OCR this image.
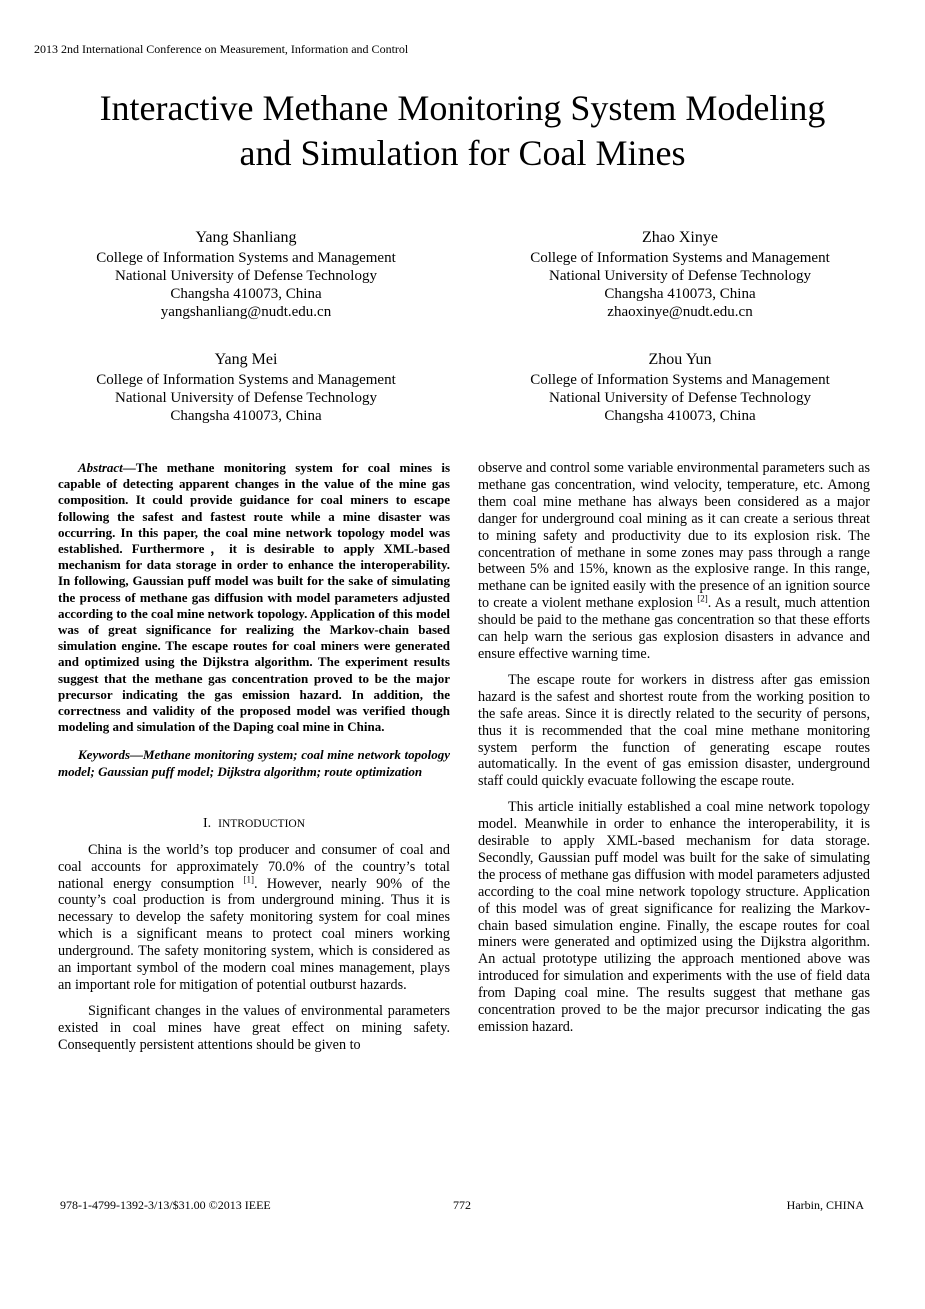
2013 2nd International Conference on Measurement, Information and Control
Interactive Methane Monitoring System Modeling
and Simulation for Coal Mines
Yang Shanliang
College of Information Systems and Management
National University of Defense Technology
Changsha 410073, China
yangshanliang@nudt.edu.cn
Zhao Xinye
College of Information Systems and Management
National University of Defense Technology
Changsha 410073, China
zhaoxinye@nudt.edu.cn
Yang Mei
College of Information Systems and Management
National University of Defense Technology
Changsha 410073, China
Zhou Yun
College of Information Systems and Management
National University of Defense Technology
Changsha 410073, China

Abstract—The methane monitoring system for coal mines is capable of detecting apparent changes in the value of the mine gas composition. It could provide guidance for coal miners to escape following the safest and fastest route while a mine disaster was occurring. In this paper, the coal mine network topology model was established. Furthermore，it is desirable to apply XML-based mechanism for data storage in order to enhance the interoperability. In following, Gaussian puff model was built for the sake of simulating the process of methane gas diffusion with model parameters adjusted according to the coal mine network topology. Application of this model was of great significance for realizing the Markov-chain based simulation engine. The escape routes for coal miners were generated and optimized using the Dijkstra algorithm. The experiment results suggest that the methane gas concentration proved to be the major precursor indicating the gas emission hazard. In addition, the correctness and validity of the proposed model was verified though modeling and simulation of the Daping coal mine in China.

Keywords—Methane monitoring system; coal mine network topology model; Gaussian puff model; Dijkstra algorithm; route optimization

I. INTRODUCTION

China is the world’s top producer and consumer of coal and coal accounts for approximately 70.0% of the country’s total national energy consumption [1]. However, nearly 90% of the county’s coal production is from underground mining. Thus it is necessary to develop the safety monitoring system for coal mines which is a significant means to protect coal miners working underground. The safety monitoring system, which is considered as an important symbol of the modern coal mines management, plays an important role for mitigation of potential outburst hazards.

Significant changes in the values of environmental parameters existed in coal mines have great effect on mining safety. Consequently persistent attentions should be given to

observe and control some variable environmental parameters such as methane gas concentration, wind velocity, temperature, etc. Among them coal mine methane has always been considered as a major danger for underground coal mining as it can create a serious threat to mining safety and productivity due to its explosion risk. The concentration of methane in some zones may pass through a range between 5% and 15%, known as the explosive range. In this range, methane can be ignited easily with the presence of an ignition source to create a violent methane explosion [2]. As a result, much attention should be paid to the methane gas concentration so that these efforts can help warn the serious gas explosion disasters in advance and ensure effective warning time.

The escape route for workers in distress after gas emission hazard is the safest and shortest route from the working position to the safe areas. Since it is directly related to the security of persons, thus it is recommended that the coal mine methane monitoring system perform the function of generating escape routes automatically. In the event of gas emission disaster, underground staff could quickly evacuate following the escape route.

This article initially established a coal mine network topology model. Meanwhile in order to enhance the interoperability, it is desirable to apply XML-based mechanism for data storage. Secondly, Gaussian puff model was built for the sake of simulating the process of methane gas diffusion with model parameters adjusted according to the coal mine network topology structure. Application of this model was of great significance for realizing the Markov-chain based simulation engine. Finally, the escape routes for coal miners were generated and optimized using the Dijkstra algorithm. An actual prototype utilizing the approach mentioned above was introduced for simulation and experiments with the use of field data from Daping coal mine. The results suggest that methane gas concentration proved to be the major precursor indicating the gas emission hazard.

978-1-4799-1392-3/13/$31.00 ©2013 IEEE	772	Harbin, CHINA
